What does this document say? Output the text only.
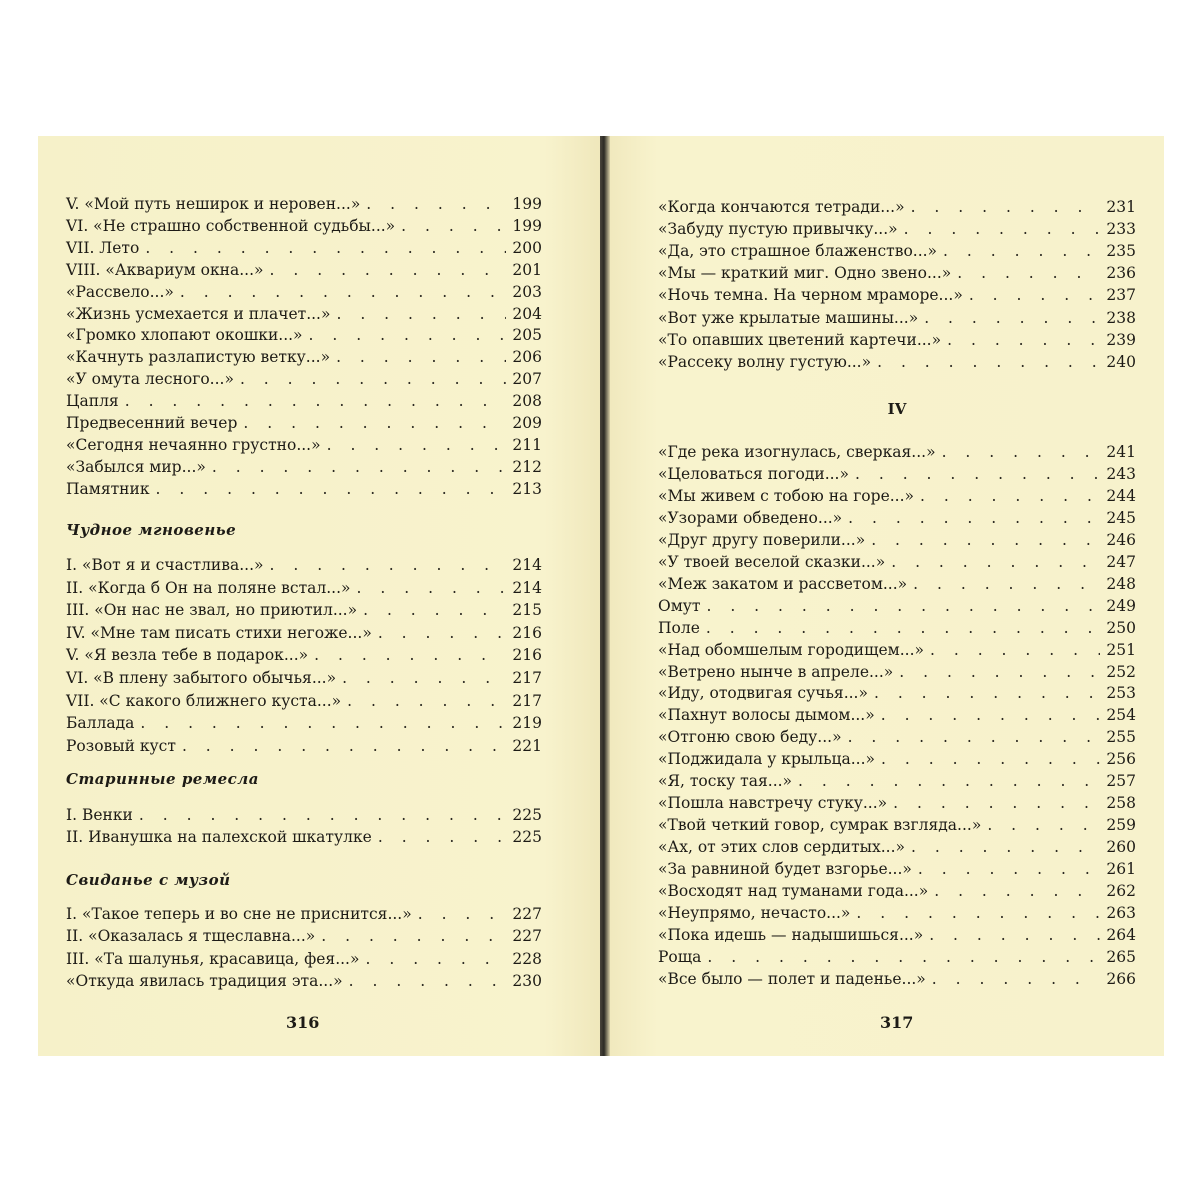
Чудное мгновенье
Старинные ремесла
Свиданье с музой
V. «Мой путь неширок и неровен...» . . .	199
VI. «Не страшно собственной судьбы...» . . .	199
VII. Лето . . .	200
VIII. «Аквариум окна...» . . .	201
«Рассвело...» . . .	203
«Жизнь усмехается и плачет...» . . .	204
«Громко хлопают окошки...» . . .	205
«Качнуть разлапистую ветку...» . . .	206
«У омута лесного...» . . .	207
Цапля . . .	208
Предвесенний вечер . . .	209
«Сегодня нечаянно грустно...» . . .	211
«Забылся мир...» . . .	212
Памятник . . .	213
I. «Вот я и счастлива...» . . .	214
II. «Когда б Он на поляне встал...» . . .	214
III. «Он нас не звал, но приютил...» . . .	215
IV. «Мне там писать стихи негоже...» . . .	216
V. «Я везла тебе в подарок...» . . .	216
VI. «В плену забытого обычья...» . . .	217
VII. «С какого ближнего куста...» . . .	217
Баллада . . .	219
Розовый куст . . .	221
I. Венки . . .	225
II. Иванушка на палехской шкатулке . . .	225
I. «Такое теперь и во сне не приснится...» . . .	227
II. «Оказалась я тщеславна...» . . .	227
III. «Та шалунья, красавица, фея...» . . .	228
«Откуда явилась традиция эта...» . . .	230
IV
«Когда кончаются тетради...» . . .	231
«Забуду пустую привычку...» . . .	233
«Да, это страшное блаженство...» . . .	235
«Мы — краткий миг. Одно звено...» . . .	236
«Ночь темна. На черном мраморе...» . . .	237
«Вот уже крылатые машины...» . . .	238
«То опавших цветений картечи...» . . .	239
«Рассеку волну густую...» . . .	240
«Где река изогнулась, сверкая...» . . .	241
«Целоваться погоди...» . . .	243
«Мы живем с тобою на горе...» . . .	244
«Узорами обведено...» . . .	245
«Друг другу поверили...» . . .	246
«У твоей веселой сказки...» . . .	247
«Меж закатом и рассветом...» . . .	248
Омут . . .	249
Поле . . .	250
«Над обомшелым городищем...» . . .	251
«Ветрено нынче в апреле...» . . .	252
«Иду, отодвигая сучья...» . . .	253
«Пахнут волосы дымом...» . . .	254
«Отгоню свою беду...» . . .	255
«Поджидала у крыльца...» . . .	256
«Я, тоску тая...» . . .	257
«Пошла навстречу стуку...» . . .	258
«Твой четкий говор, сумрак взгляда...» . . .	259
«Ах, от этих слов сердитых...» . . .	260
«За равниной будет взгорье...» . . .	261
«Восходят над туманами года...» . . .	262
«Неупрямо, нечасто...» . . .	263
«Пока идешь — надышишься...» . . .	264
Роща . . .	265
«Все было — полет и паденье...» . . .	266
316	317
